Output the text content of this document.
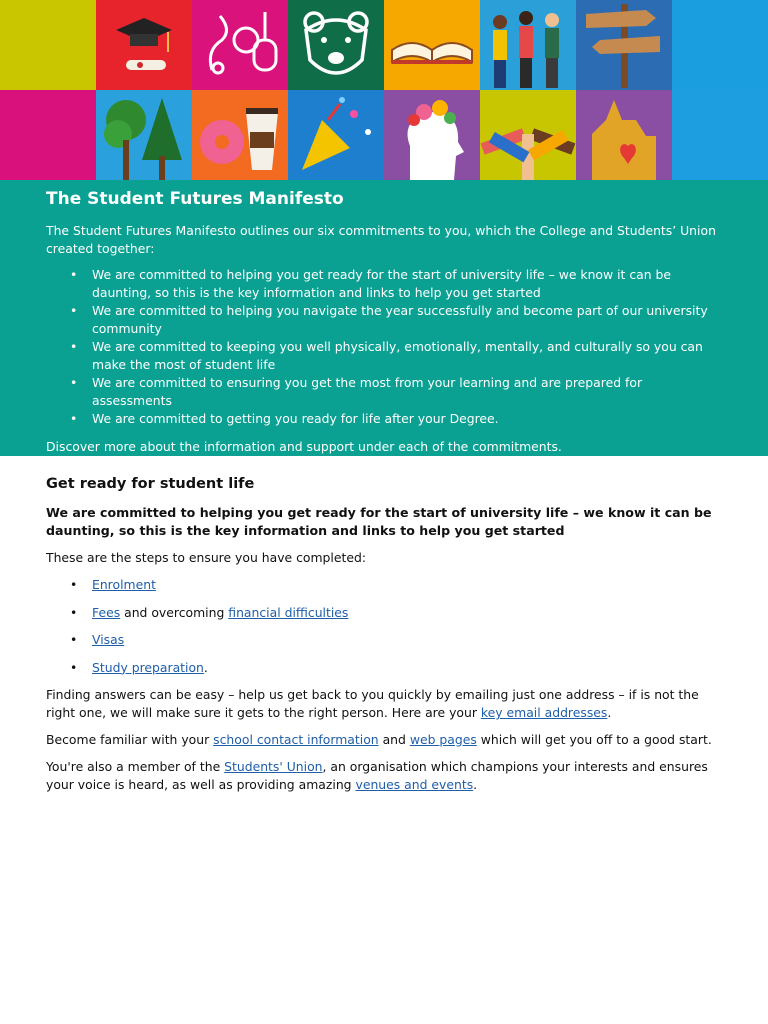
The Student Futures Manifesto

The Student Futures Manifesto outlines our six commitments to you, which the College and Students’ Union created together:

• We are committed to helping you get ready for the start of university life – we know it can be daunting, so this is the key information and links to help you get started
• We are committed to helping you navigate the year successfully and become part of our university community
• We are committed to keeping you well physically, emotionally, mentally, and culturally so you can make the most of student life
• We are committed to ensuring you get the most from your learning and are prepared for assessments
• We are committed to getting you ready for life after your Degree.

Discover more about the information and support under each of the commitments.

Get ready for student life

We are committed to helping you get ready for the start of university life – we know it can be daunting, so this is the key information and links to help you get started

These are the steps to ensure you have completed:

• Enrolment
• Fees and overcoming financial difficulties
• Visas
• Study preparation.

Finding answers can be easy – help us get back to you quickly by emailing just one address – if is not the right one, we will make sure it gets to the right person. Here are your key email addresses.

Become familiar with your school contact information and web pages which will get you off to a good start.

You're also a member of the Students' Union, an organisation which champions your interests and ensures your voice is heard, as well as providing amazing venues and events.
